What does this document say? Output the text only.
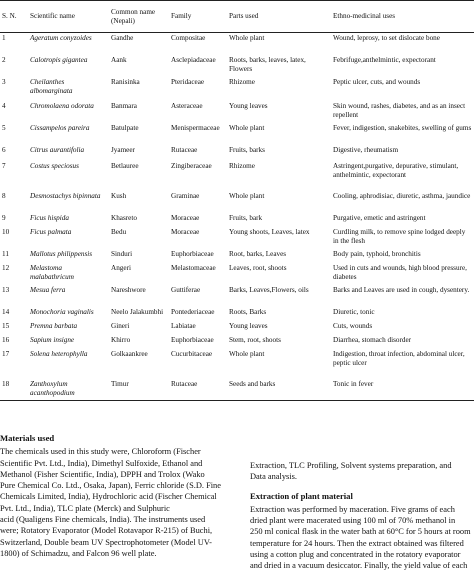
S. N.	Scientific name	Common name (Nepali)	Family	Parts used	Ethno-medicinal uses
1	Ageratum conyzoides	Gandhe	Compositae	Whole plant	Wound, leprosy, to set dislocate bone
2	Calotropis gigantea	Aank	Asclepiadaceae	Roots, barks, leaves, latex, Flowers	Febrifuge,anthelmintic, expectorant
3	Cheilanthes albomarginata	Ranisinka	Pteridaceae	Rhizome	Peptic ulcer, cuts, and wounds
4	Chromolaena odorata	Banmara	Asteraceae	Young leaves	Skin wound, rashes, diabetes, and as an insect repellent
5	Cissampelos pareira	Batulpate	Menispermaceae	Whole plant	Fever, indigestion, snakebites, swelling of gums
6	Citrus aurantifolia	Jyameer	Rutaceae	Fruits, barks	Digestive, rheumatism
7	Costus speciosus	Betlauree	Zingiberaceae	Rhizome	Astringent,purgative, depurative, stimulant, anthelmintic, expectorant
8	Desmostachys bipinnata	Kush	Graminae	Whole plant	Cooling, aphrodisiac, diuretic, asthma, jaundice
9	Ficus hispida	Khasreto	Moraceae	Fruits, bark	Purgative, emetic and astringent
10	Ficus palmata	Bedu	Moraceae	Young shoots, Leaves, latex	Curdling milk, to remove spine lodged deeply in the flesh
11	Mallotus philippensis	Sinduri	Euphorbiaceae	Root, barks, Leaves	Body pain, typhoid, bronchitis
12	Melastoma malabathricum	Angeri	Melastomaceae	Leaves, root, shoots	Used in cuts and wounds, high blood pressure, diabetes
13	Mesua ferra	Nareshwore	Guttiferae	Barks, Leaves,Flowers, oils	Barks and Leaves are used in cough, dysentery.
14	Monochoria vaginalis	Neelo Jalakumbhi	Pontederiaceae	Roots, Barks	Diuretic, tonic
15	Premna barbata	Gineri	Labiatae	Young leaves	Cuts, wounds
16	Sapium insigne	Khirro	Euphorbiaceae	Stem, root, shoots	Diarrhea, stomach disorder
17	Solena heterophylla	Golkaankree	Cucurbitaceae	Whole plant	Indigestion, throat infection, abdominal ulcer, peptic ulcer
18	Zanthoxylum acanthopodium	Timur	Rutaceae	Seeds and barks	Tonic in fever
Materials used

The chemicals used in this study were, Chloroform (Fischer
Scientific Pvt. Ltd., India), Dimethyl Sulfoxide, Ethanol and
Methanol (Fisher Scientific, India), DPPH and Trolox (Wako
Pure Chemical Co. Ltd., Osaka, Japan), Ferric chloride (S.D. Fine
Chemicals Limited, India), Hydrochloric acid (Fischer Chemical
Pvt. Ltd., India), TLC plate (Merck) and Sulphuric
acid (Qualigens Fine chemicals, India). The instruments used
were; Rotatory Evaporator (Model Rotavapor R-215) of Buchi,
Switzerland, Double beam UV Spectrophotometer (Model UV-
1800) of Schimadzu, and Falcon 96 well plate.

Extraction, TLC Profiling, Solvent systems preparation, and
Data analysis.

Extraction of plant material

Extraction was performed by maceration. Five grams of each
dried plant were macerated using 100 ml of 70% methanol in
250 ml conical flask in the water bath at 60°C for 5 hours at room
temperature for 24 hours. Then the extract obtained was filtered
using a cotton plug and concentrated in the rotatory evaporator
and dried in a vacuum desiccator. Finally, the yield value of each
